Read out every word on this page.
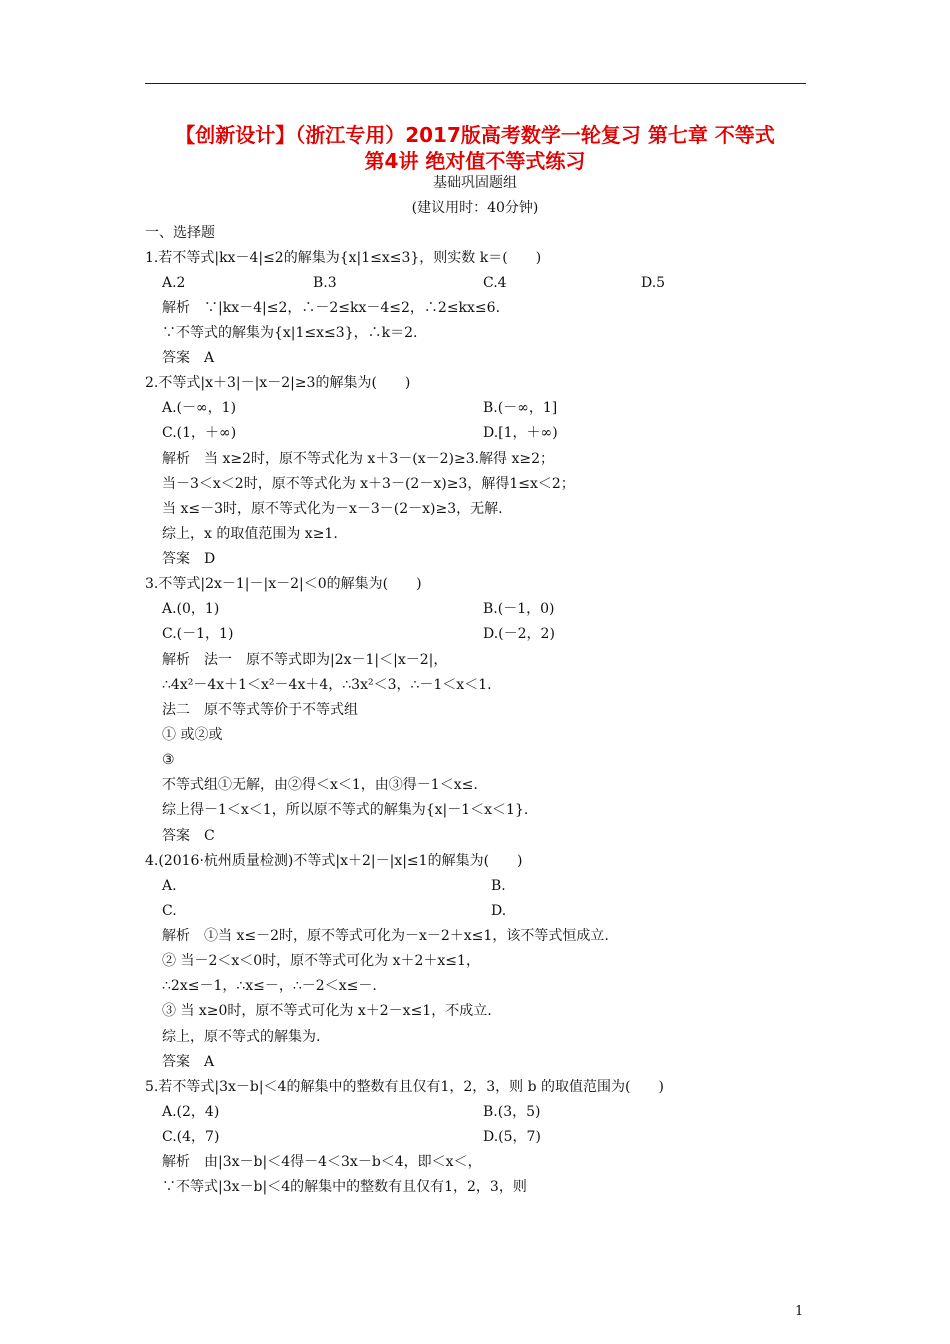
【创新设计】（浙江专用）2017版高考数学一轮复习 第七章 不等式
第4讲 绝对值不等式练习
基础巩固题组
(建议用时：40分钟)
一、选择题
1.若不等式|kx－4|≤2的解集为{x|1≤x≤3}，则实数 k＝(　　)
A.2	B.3	C.4	D.5
解析　∵|kx－4|≤2，∴－2≤kx－4≤2，∴2≤kx≤6.
∵不等式的解集为{x|1≤x≤3}，∴k＝2.
答案　A
2.不等式|x＋3|－|x－2|≥3的解集为(　　)
A.(－∞，1)	B.(－∞，1]
C.(1，＋∞)	D.[1，＋∞)
解析　当 x≥2时，原不等式化为 x＋3－(x－2)≥3.解得 x≥2；
当－3＜x＜2时，原不等式化为 x＋3－(2－x)≥3，解得1≤x＜2；
当 x≤－3时，原不等式化为－x－3－(2－x)≥3，无解.
综上，x 的取值范围为 x≥1.
答案　D
3.不等式|2x－1|－|x－2|＜0的解集为(　　)
A.(0，1)	B.(－1，0)
C.(－1，1)	D.(－2，2)
解析　法一　原不等式即为|2x－1|＜|x－2|，
∴4x²－4x＋1＜x²－4x＋4，∴3x²＜3，∴－1＜x＜1.
法二　原不等式等价于不等式组
① 或②或
③
不等式组①无解，由②得＜x＜1，由③得－1＜x≤.
综上得－1＜x＜1，所以原不等式的解集为{x|－1＜x＜1}.
答案　C
4.(2016·杭州质量检测)不等式|x＋2|－|x|≤1的解集为(　　)
A.	B.
C.	D.
解析　①当 x≤－2时，原不等式可化为－x－2＋x≤1，该不等式恒成立.
② 当－2＜x＜0时，原不等式可化为 x＋2＋x≤1，
∴2x≤－1，∴x≤－，∴－2＜x≤－.
③ 当 x≥0时，原不等式可化为 x＋2－x≤1，不成立.
综上，原不等式的解集为.
答案　A
5.若不等式|3x－b|＜4的解集中的整数有且仅有1，2，3，则 b 的取值范围为(　　)
A.(2，4)	B.(3，5)
C.(4，7)	D.(5，7)
解析　由|3x－b|＜4得－4＜3x－b＜4，即＜x＜，
∵不等式|3x－b|＜4的解集中的整数有且仅有1，2，3，则
1
